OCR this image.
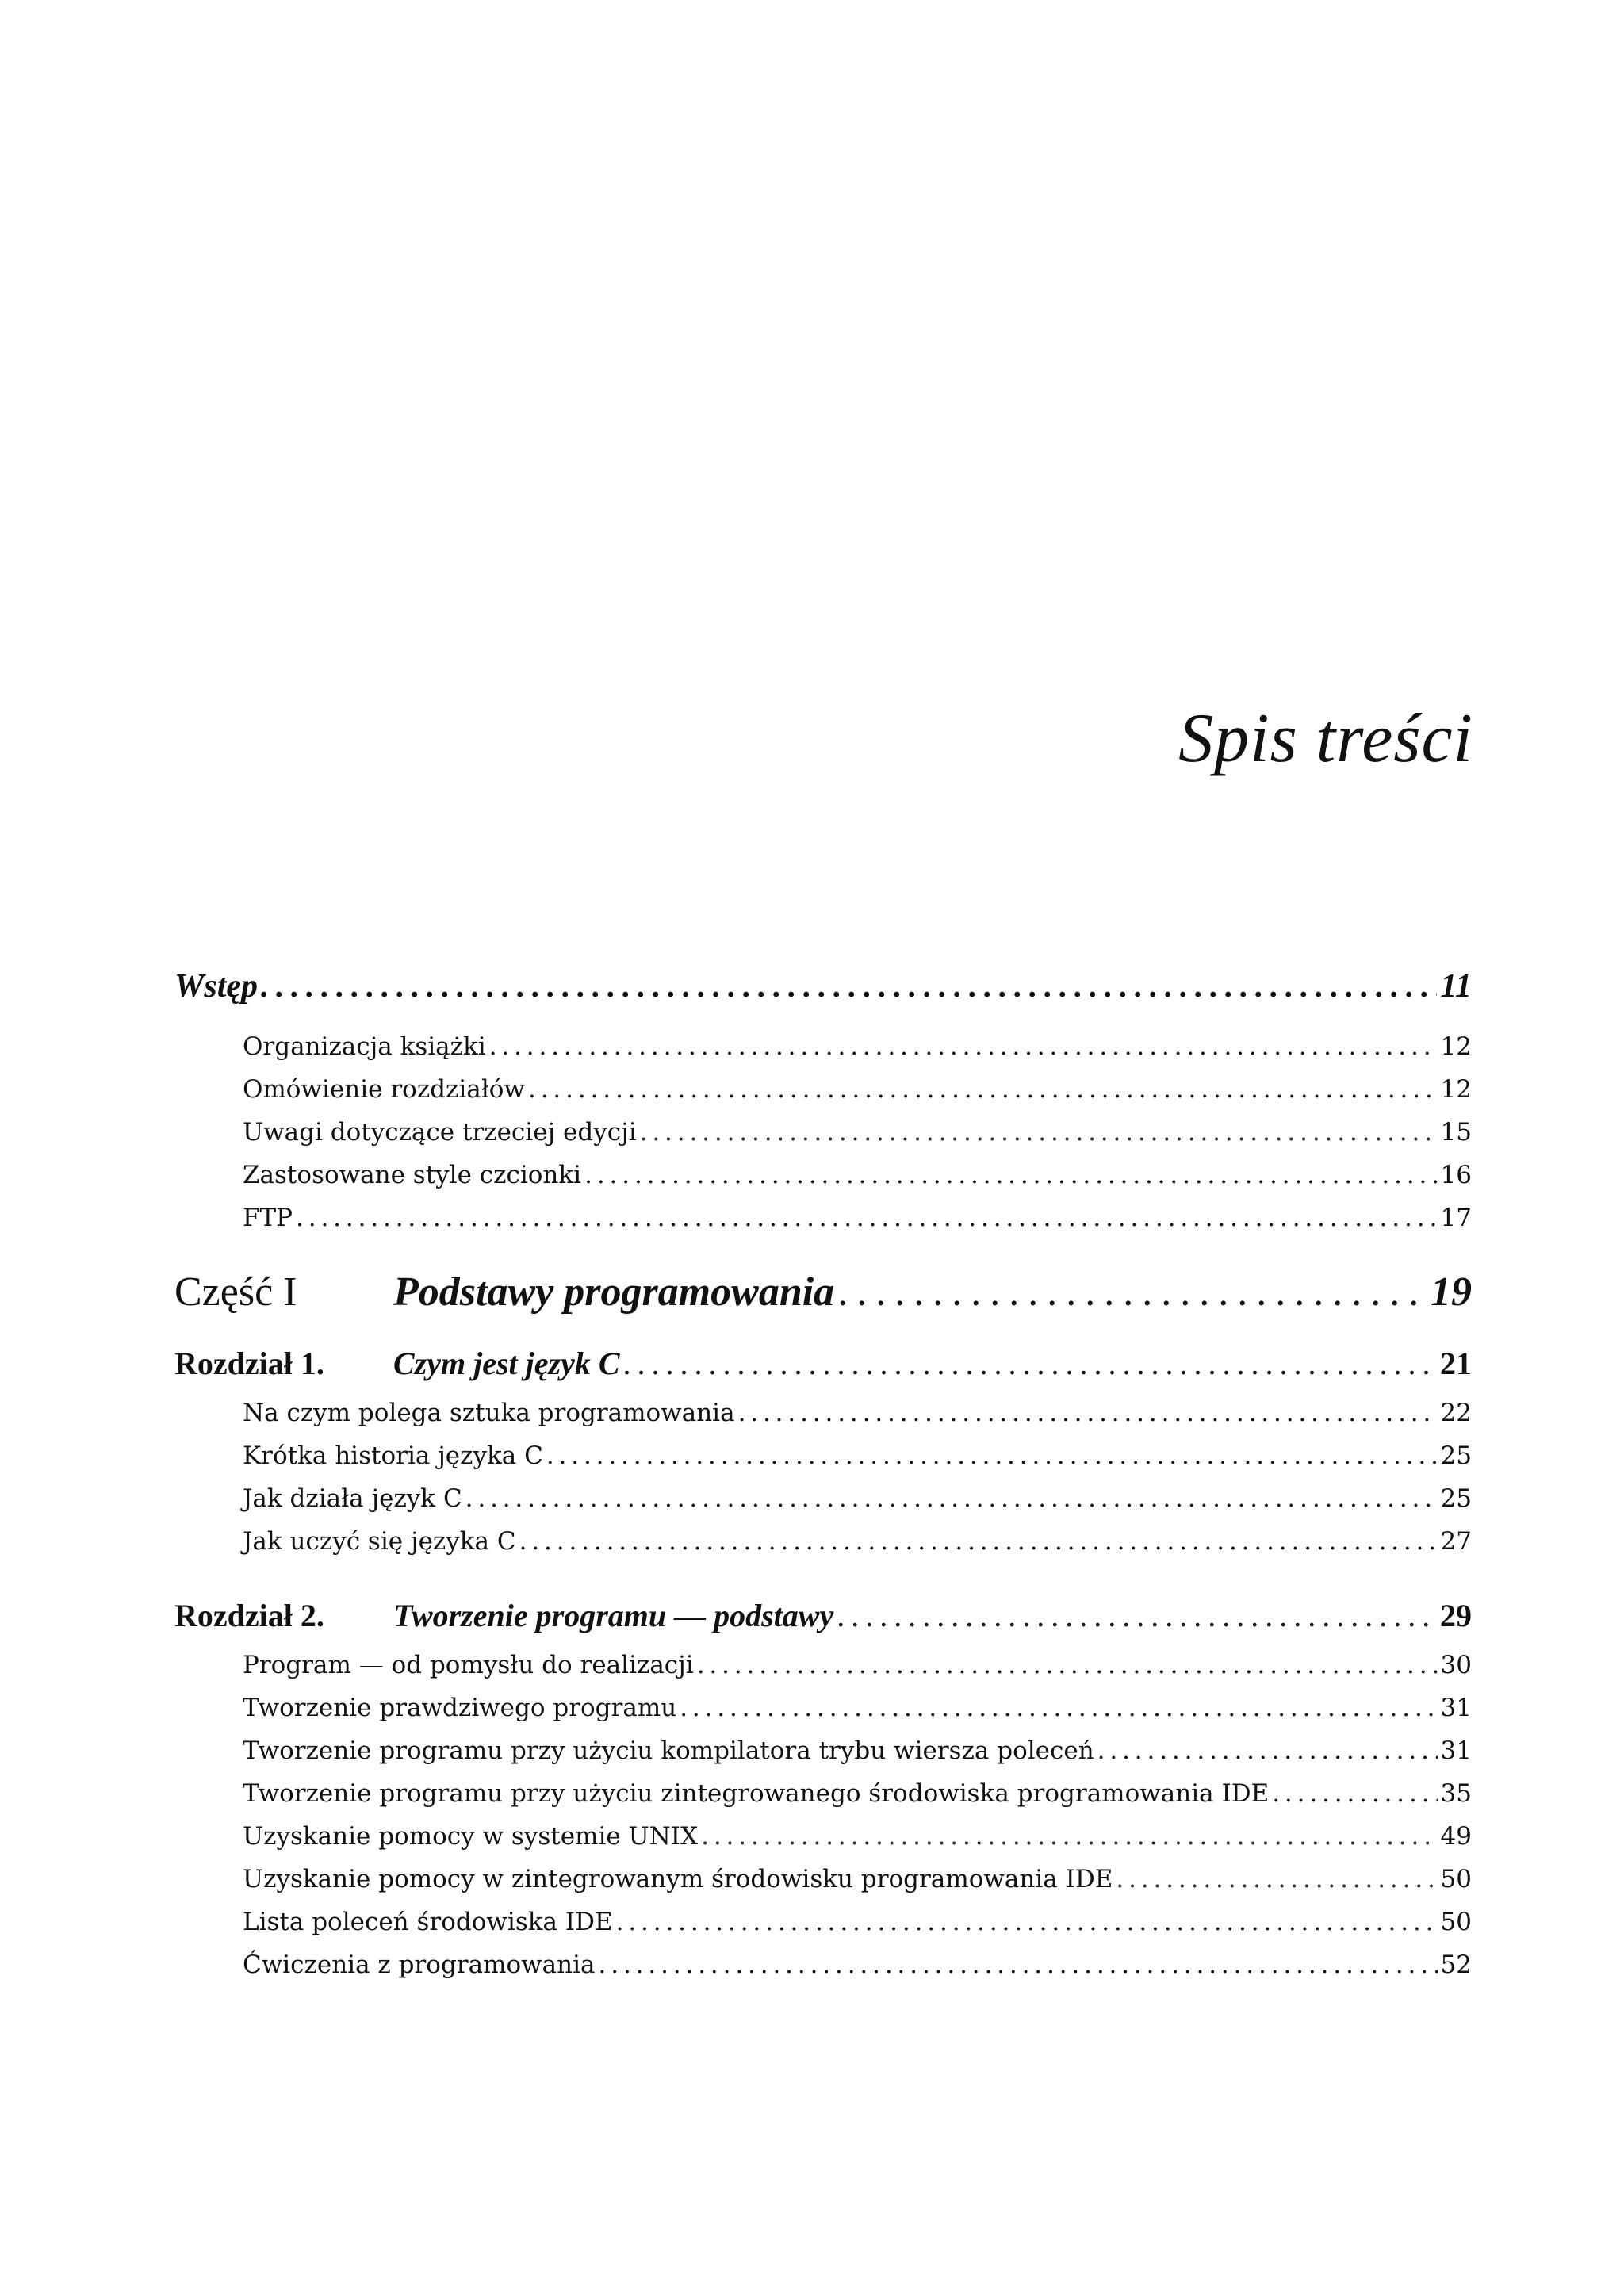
Spis treści
Wstęp . . .	11
Organizacja książki . . .	12
Omówienie rozdziałów . . .	12
Uwagi dotyczące trzeciej edycji . . .	15
Zastosowane style czcionki . . .	16
FTP . . .	17
Część I	Podstawy programowania . . .	19
Rozdział 1.	Czym jest język C . . .	21
Na czym polega sztuka programowania . . .	22
Krótka historia języka C . . .	25
Jak działa język C . . .	25
Jak uczyć się języka C . . .	27
Rozdział 2.	Tworzenie programu — podstawy . . .	29
Program — od pomysłu do realizacji . . .	30
Tworzenie prawdziwego programu . . .	31
Tworzenie programu przy użyciu kompilatora trybu wiersza poleceń . . .	31
Tworzenie programu przy użyciu zintegrowanego środowiska programowania IDE . . .	35
Uzyskanie pomocy w systemie UNIX . . .	49
Uzyskanie pomocy w zintegrowanym środowisku programowania IDE . . .	50
Lista poleceń środowiska IDE . . .	50
Ćwiczenia z programowania . . .	52
